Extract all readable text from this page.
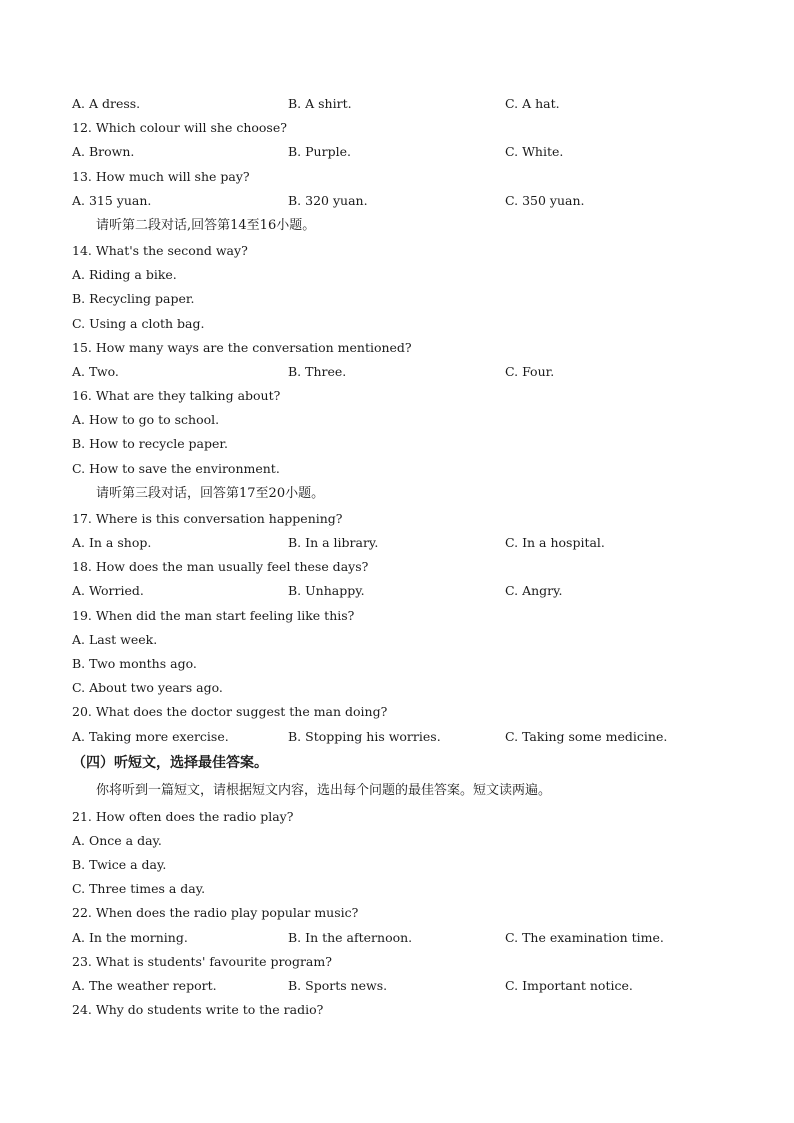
A. A dress.	B. A shirt.	C. A hat.
12. Which colour will she choose?
A. Brown.	B. Purple.	C. White.
13. How much will she pay?
A. 315 yuan.	B. 320 yuan.	C. 350 yuan.
请听第二段对话,回答第14至16小题。
14. What's the second way?
A. Riding a bike.
B. Recycling paper.
C. Using a cloth bag.
15. How many ways are the conversation mentioned?
A. Two.	B. Three.	C. Four.
16. What are they talking about?
A. How to go to school.
B. How to recycle paper.
C. How to save the environment.
请听第三段对话，回答第17至20小题。
17. Where is this conversation happening?
A. In a shop.	B. In a library.	C. In a hospital.
18. How does the man usually feel these days?
A. Worried.	B. Unhappy.	C. Angry.
19. When did the man start feeling like this?
A. Last week.
B. Two months ago.
C. About two years ago.
20. What does the doctor suggest the man doing?
A. Taking more exercise.	B. Stopping his worries.	C. Taking some medicine.
（四）听短文，选择最佳答案。
你将听到一篇短文，请根据短文内容，选出每个问题的最佳答案。短文读两遍。
21. How often does the radio play?
A. Once a day.
B. Twice a day.
C. Three times a day.
22. When does the radio play popular music?
A. In the morning.	B. In the afternoon.	C. The examination time.
23. What is students' favourite program?
A. The weather report.	B. Sports news.	C. Important notice.
24. Why do students write to the radio?
